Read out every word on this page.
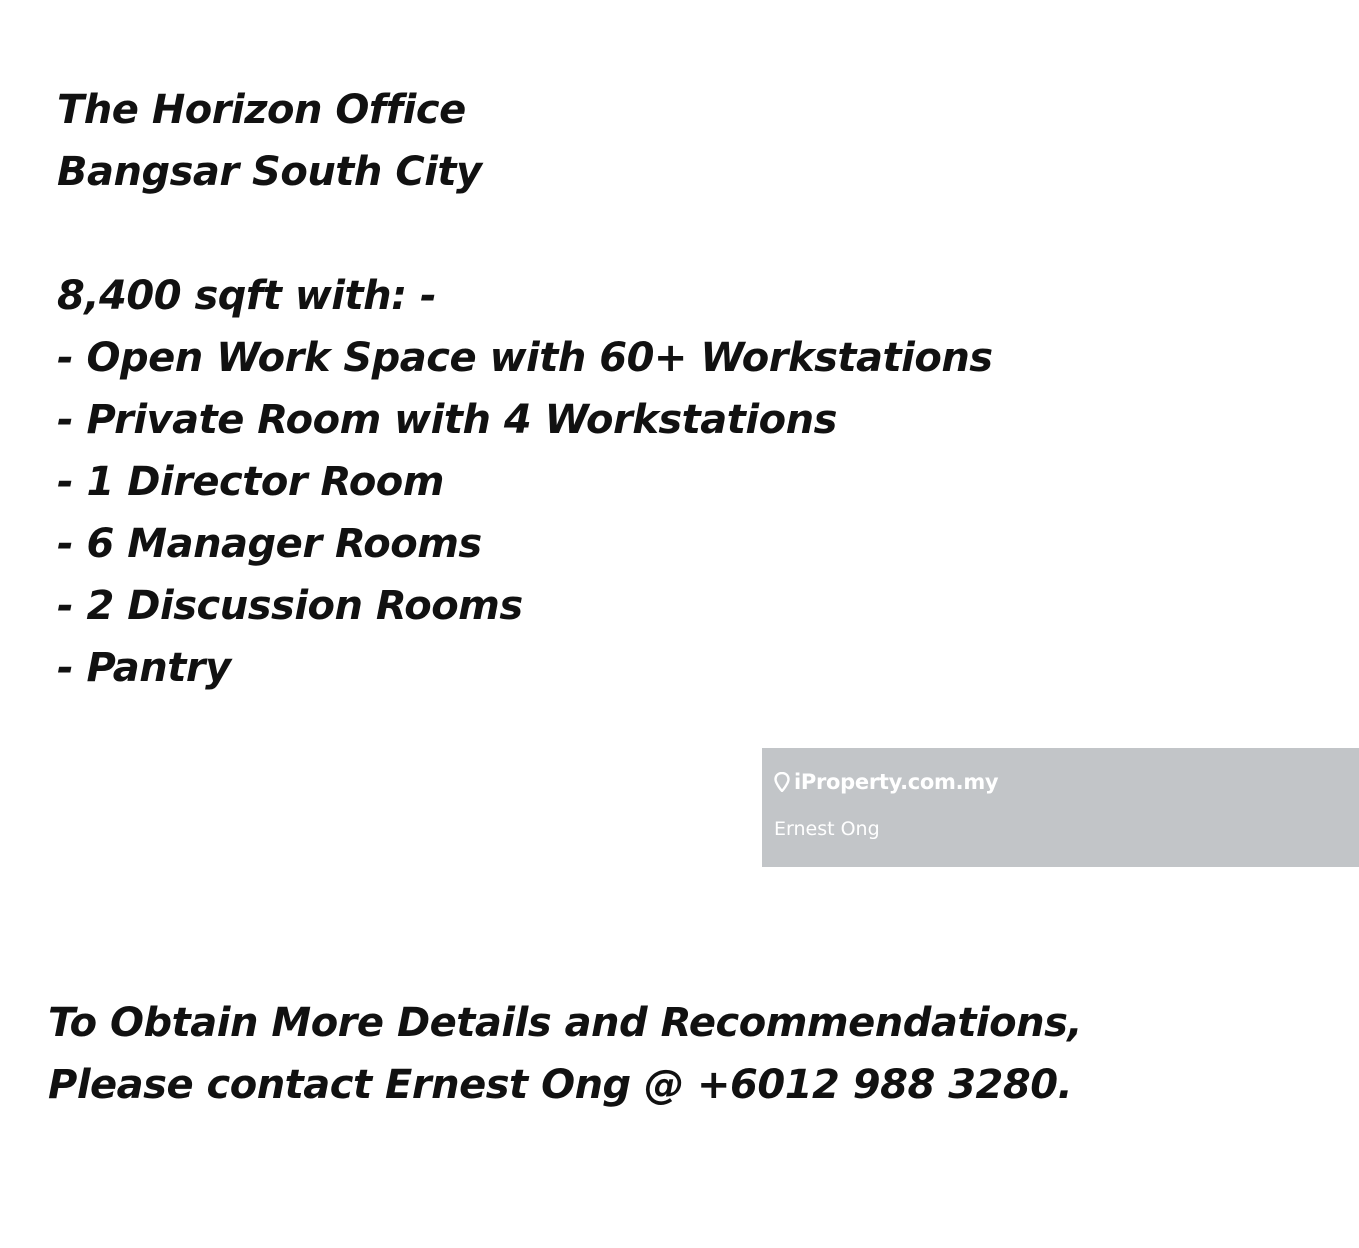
The Horizon Office

Bangsar South City

8,400 sqft with: -

- Open Work Space with 60+ Workstations

- Private Room with 4 Workstations

- 1 Director Room

- 6 Manager Rooms

- 2 Discussion Rooms

- Pantry

iProperty.com.my
Ernest Ong

To Obtain More Details and Recommendations,

Please contact Ernest Ong @ +6012 988 3280.
